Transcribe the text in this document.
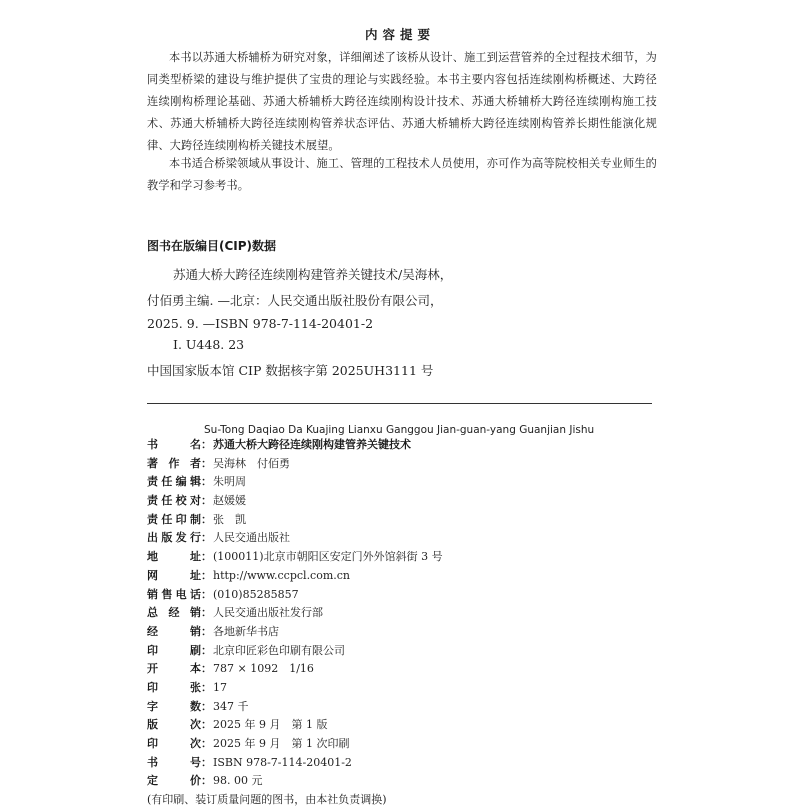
内容提要

本书以苏通大桥辅桥为研究对象，详细阐述了该桥从设计、施工到运营管养的全过程技术细节，为同类型桥梁的建设与维护提供了宝贵的理论与实践经验。本书主要内容包括连续刚构桥概述、大跨径连续刚构桥理论基础、苏通大桥辅桥大跨径连续刚构设计技术、苏通大桥辅桥大跨径连续刚构施工技术、苏通大桥辅桥大跨径连续刚构管养状态评估、苏通大桥辅桥大跨径连续刚构管养长期性能演化规律、大跨径连续刚构桥关键技术展望。

本书适合桥梁领域从事设计、施工、管理的工程技术人员使用，亦可作为高等院校相关专业师生的教学和学习参考书。

图书在版编目(CIP)数据
苏通大桥大跨径连续刚构建管养关键技术/吴海林，
付佰勇主编. —北京：人民交通出版社股份有限公司，
2025. 9. —ISBN 978-7-114-20401-2
Ⅰ. U448. 23
中国国家版本馆 CIP 数据核字第 2025UH3111 号
Su-Tong Daqiao Da Kuajing Lianxu Ganggou Jian-guan-yang Guanjian Jishu
书	名 ： 苏通大桥大跨径连续刚构建管养关键技术
著 作 者 ： 吴海林　付佰勇
责 任 编 辑 ： 朱明周
责 任 校 对 ： 赵媛媛
责 任 印 制 ： 张　凯
出 版 发 行 ： 人民交通出版社
地	址 ： (100011)北京市朝阳区安定门外外馆斜街 3 号
网	址 ： http://www.ccpcl.com.cn
销 售 电 话 ： (010)85285857
总 经 销 ： 人民交通出版社发行部
经	销 ： 各地新华书店
印	刷 ： 北京印匠彩色印刷有限公司
开	本 ： 787 × 1092　1/16
印	张 ： 17
字	数 ： 347 千
版	次 ： 2025 年 9 月　第 1 版
印	次 ： 2025 年 9 月　第 1 次印刷
书	号 ： ISBN 978-7-114-20401-2
定	价 ： 98. 00 元
(有印刷、装订质量问题的图书，由本社负责调换)
